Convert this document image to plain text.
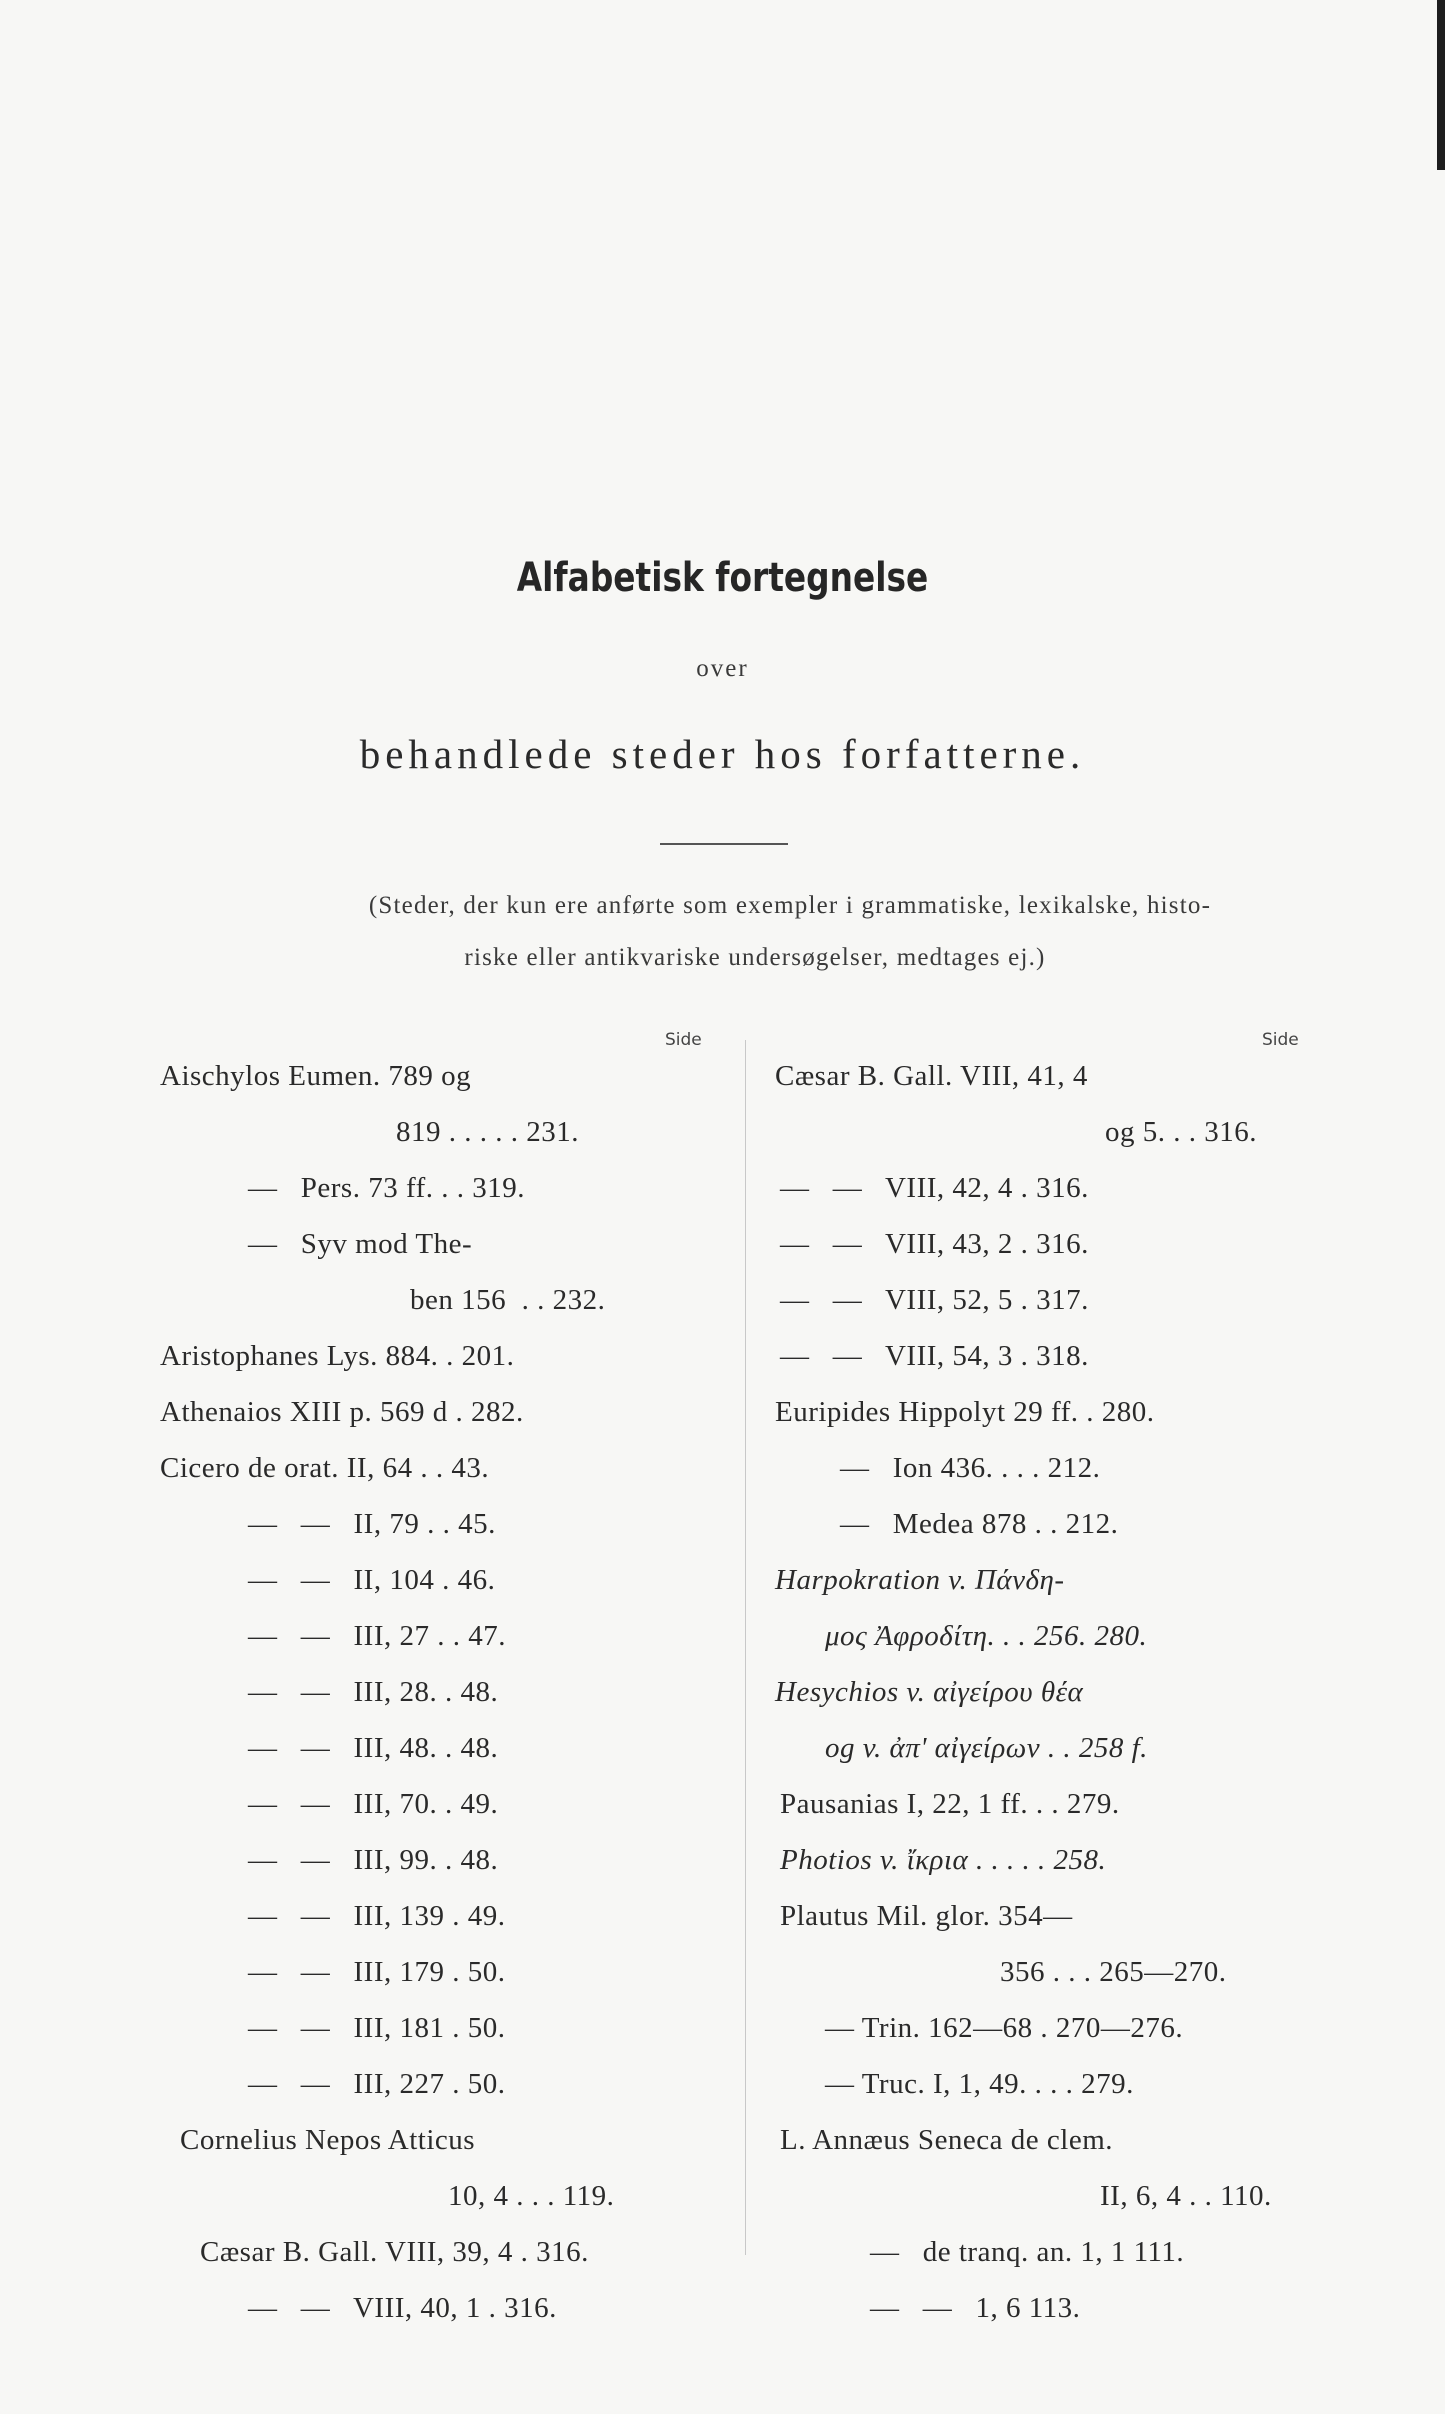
Alfabetisk fortegnelse
over
behandlede steder hos forfatterne.
(Steder, der kun ere anførte som exempler i grammatiske, lexikalske, histo-
riske eller antikvariske undersøgelser, medtages ej.)
Side	Side
Aischylos Eumen. 789 og
819 . . . . . 231.
—   Pers. 73 ff. . . 319.
—   Syv mod The-
ben 156  . . 232.
Aristophanes Lys. 884. . 201.
Athenaios XIII p. 569 d . 282.
Cicero de orat. II, 64 . . 43.
—   —   II, 79 . . 45.
—   —   II, 104 . 46.
—   —   III, 27 . . 47.
—   —   III, 28. . 48.
—   —   III, 48. . 48.
—   —   III, 70. . 49.
—   —   III, 99. . 48.
—   —   III, 139 . 49.
—   —   III, 179 . 50.
—   —   III, 181 . 50.
—   —   III, 227 . 50.
Cornelius Nepos Atticus
10, 4 . . . 119.
Cæsar B. Gall. VIII, 39, 4 . 316.
—   —   VIII, 40, 1 . 316.
Cæsar B. Gall. VIII, 41, 4
og 5. . . 316.
—   —   VIII, 42, 4 . 316.
—   —   VIII, 43, 2 . 316.
—   —   VIII, 52, 5 . 317.
—   —   VIII, 54, 3 . 318.
Euripides Hippolyt 29 ff. . 280.
—   Ion 436. . . . 212.
—   Medea 878 . . 212.
Harpokration v. Πάνδη-
μος Ἀφροδίτη. . . 256. 280.
Hesychios v. αἰγείρου θέα
og v. ἀπ' αἰγείρων . . 258 f.
Pausanias I, 22, 1 ff. . . 279.
Photios v. ἴκρια . . . . . 258.
Plautus Mil. glor. 354—
356 . . . 265—270.
— Trin. 162—68 . 270—276.
— Truc. I, 1, 49. . . . 279.
L. Annæus Seneca de clem.
II, 6, 4 . . 110.
—   de tranq. an. 1, 1 111.
—   —   1, 6 113.
